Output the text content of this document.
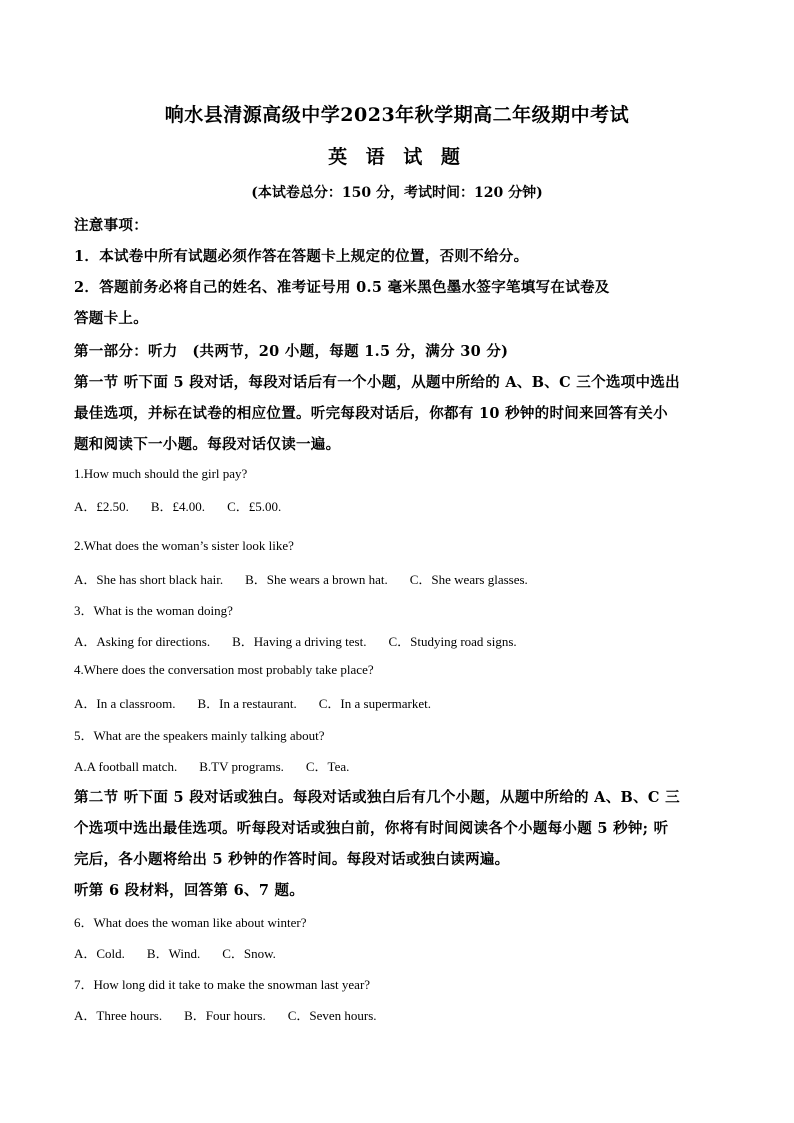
响水县清源高级中学2023年秋学期高二年级期中考试
英 语 试 题
(本试卷总分：150 分，考试时间：120 分钟)
注意事项：
1．本试卷中所有试题必须作答在答题卡上规定的位置，否则不给分。
2．答题前务必将自己的姓名、准考证号用 0.5 毫米黑色墨水签字笔填写在试卷及
答题卡上。
第一部分：听力　(共两节，20 小题，每题 1.5 分，满分 30 分)
第一节 听下面 5 段对话，每段对话后有一个小题，从题中所给的 A、B、C 三个选项中选出
最佳选项，并标在试卷的相应位置。听完每段对话后，你都有 10 秒钟的时间来回答有关小
题和阅读下一小题。每段对话仅读一遍。
1.How much should the girl pay?
A．£2.50. B．£4.00. C．£5.00.
2.What does the woman’s sister look like?
A．She has short black hair. B．She wears a brown hat. C．She wears glasses.
3．What is the woman doing?
A．Asking for directions. B．Having a driving test. C．Studying road signs.
4.Where does the conversation most probably take place?
A．In a classroom. B．In a restaurant. C．In a supermarket.
5．What are the speakers mainly talking about?
A.A football match. B.TV programs. C．Tea.
第二节 听下面 5 段对话或独白。每段对话或独白后有几个小题，从题中所给的 A、B、C 三
个选项中选出最佳选项。听每段对话或独白前，你将有时间阅读各个小题每小题 5 秒钟; 听
完后，各小题将给出 5 秒钟的作答时间。每段对话或独白读两遍。
听第 6 段材料，回答第 6、7 题。
6．What does the woman like about winter?
A．Cold. B．Wind. C．Snow.
7．How long did it take to make the snowman last year?
A．Three hours. B．Four hours. C．Seven hours.
